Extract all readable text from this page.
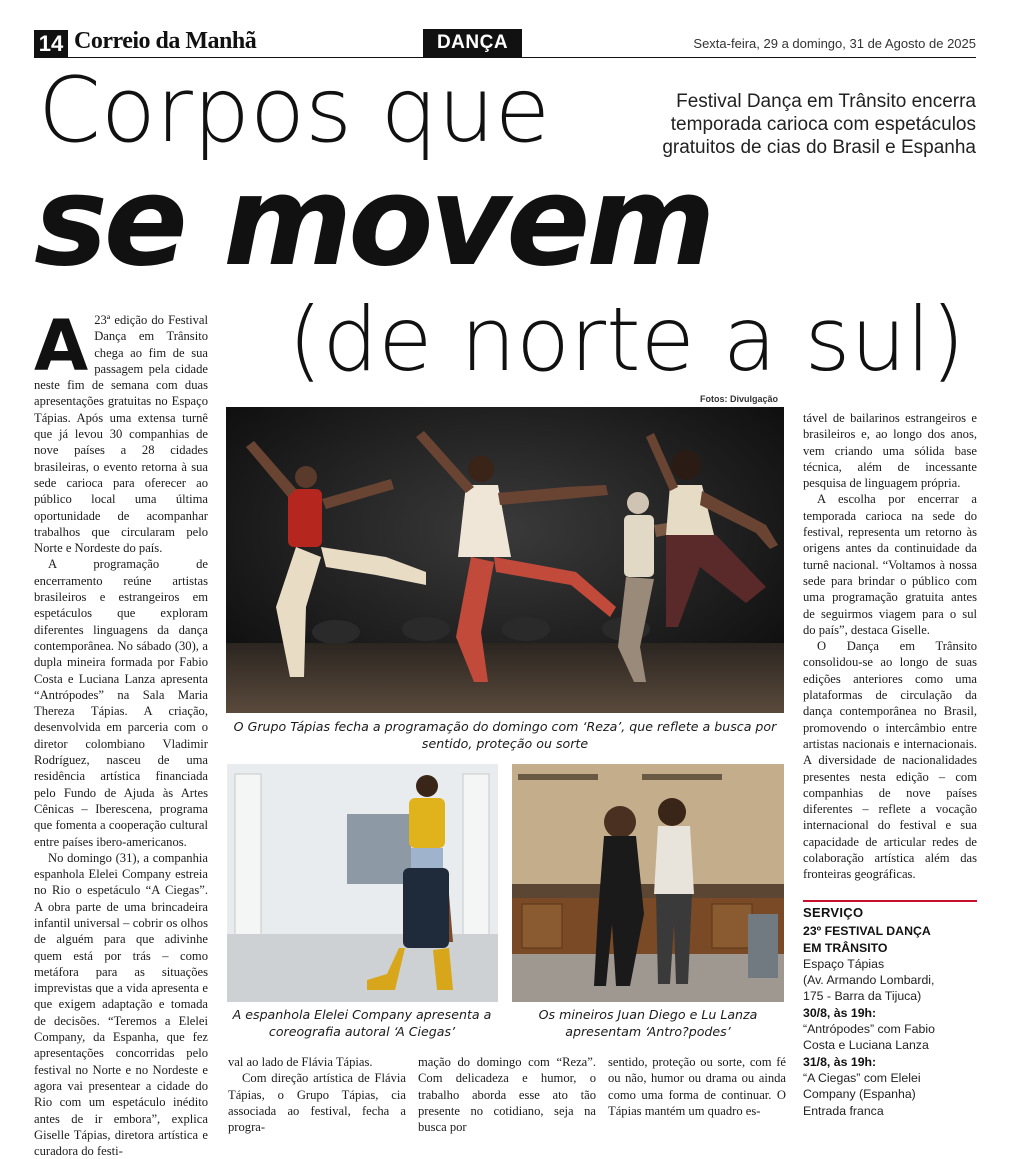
14 Correio da Manhã	DANÇA	Sexta-feira, 29 a domingo, 31 de Agosto de 2025
Corpos que
se movem
(de norte a sul)
Festival Dança em Trânsito encerra temporada carioca com espetáculos gratuitos de cias do Brasil e Espanha
A 23ª edição do Festival Dança em Trânsito chega ao fim de sua passagem pela cidade neste fim de semana com duas apresentações gratuitas no Espaço Tápias. Após uma extensa turnê que já levou 30 companhias de nove países a 28 cidades brasileiras, o evento retorna à sua sede carioca para oferecer ao público local uma última oportunidade de acompanhar trabalhos que circularam pelo Norte e Nordeste do país.

A programação de encerramento reúne artistas brasileiros e estrangeiros em espetáculos que exploram diferentes linguagens da dança contemporânea. No sábado (30), a dupla mineira formada por Fabio Costa e Luciana Lanza apresenta “Antrópodes” na Sala Maria Thereza Tápias. A criação, desenvolvida em parceria com o diretor colombiano Vladimir Rodríguez, nasceu de uma residência artística financiada pelo Fundo de Ajuda às Artes Cênicas – Iberescena, programa que fomenta a cooperação cultural entre países ibero-americanos.

No domingo (31), a companhia espanhola Elelei Company estreia no Rio o espetáculo “A Ciegas”. A obra parte de uma brincadeira infantil universal – cobrir os olhos de alguém para que adivinhe quem está por trás – como metáfora para as situações imprevistas que a vida apresenta e que exigem adaptação e tomada de decisões. “Teremos a Elelei Company, da Espanha, que fez apresentações concorridas pelo festival no Norte e no Nordeste e agora vai presentear a cidade do Rio com um espetáculo inédito antes de ir embora”, explica Giselle Tápias, diretora artística e curadora do festi-

Fotos: Divulgação
O Grupo Tápias fecha a programação do domingo com ‘Reza’, que reflete a busca por sentido, proteção ou sorte
A espanhola Elelei Company apresenta a coreografia autoral ‘A Ciegas’
Os mineiros Juan Diego e Lu Lanza apresentam ‘Antro?podes’

val ao lado de Flávia Tápias.

Com direção artística de Flávia Tápias, o Grupo Tápias, cia associada ao festival, fecha a progra-

mação do domingo com “Reza”. Com delicadeza e humor, o trabalho aborda esse ato tão presente no cotidiano, seja na busca por

sentido, proteção ou sorte, com fé ou não, humor ou drama ou ainda como uma forma de continuar. O Tápias mantém um quadro es-

tável de bailarinos estrangeiros e brasileiros e, ao longo dos anos, vem criando uma sólida base técnica, além de incessante pesquisa de linguagem própria.

A escolha por encerrar a temporada carioca na sede do festival, representa um retorno às origens antes da continuidade da turnê nacional. “Voltamos à nossa sede para brindar o público com uma programação gratuita antes de seguirmos viagem para o sul do país”, destaca Giselle.

O Dança em Trânsito consolidou-se ao longo de suas edições anteriores como uma plataformas de circulação da dança contemporânea no Brasil, promovendo o intercâmbio entre artistas nacionais e internacionais. A diversidade de nacionalidades presentes nesta edição – com companhias de nove países diferentes – reflete a vocação internacional do festival e sua capacidade de articular redes de colaboração artística além das fronteiras geográficas.

SERVIÇO
23º FESTIVAL DANÇA
EM TRÂNSITO
Espaço Tápias
(Av. Armando Lombardi,
175 - Barra da Tijuca)
30/8, às 19h:
“Antrópodes” com Fabio
Costa e Luciana Lanza
31/8, às 19h:
“A Ciegas” com Elelei
Company (Espanha)
Entrada franca
